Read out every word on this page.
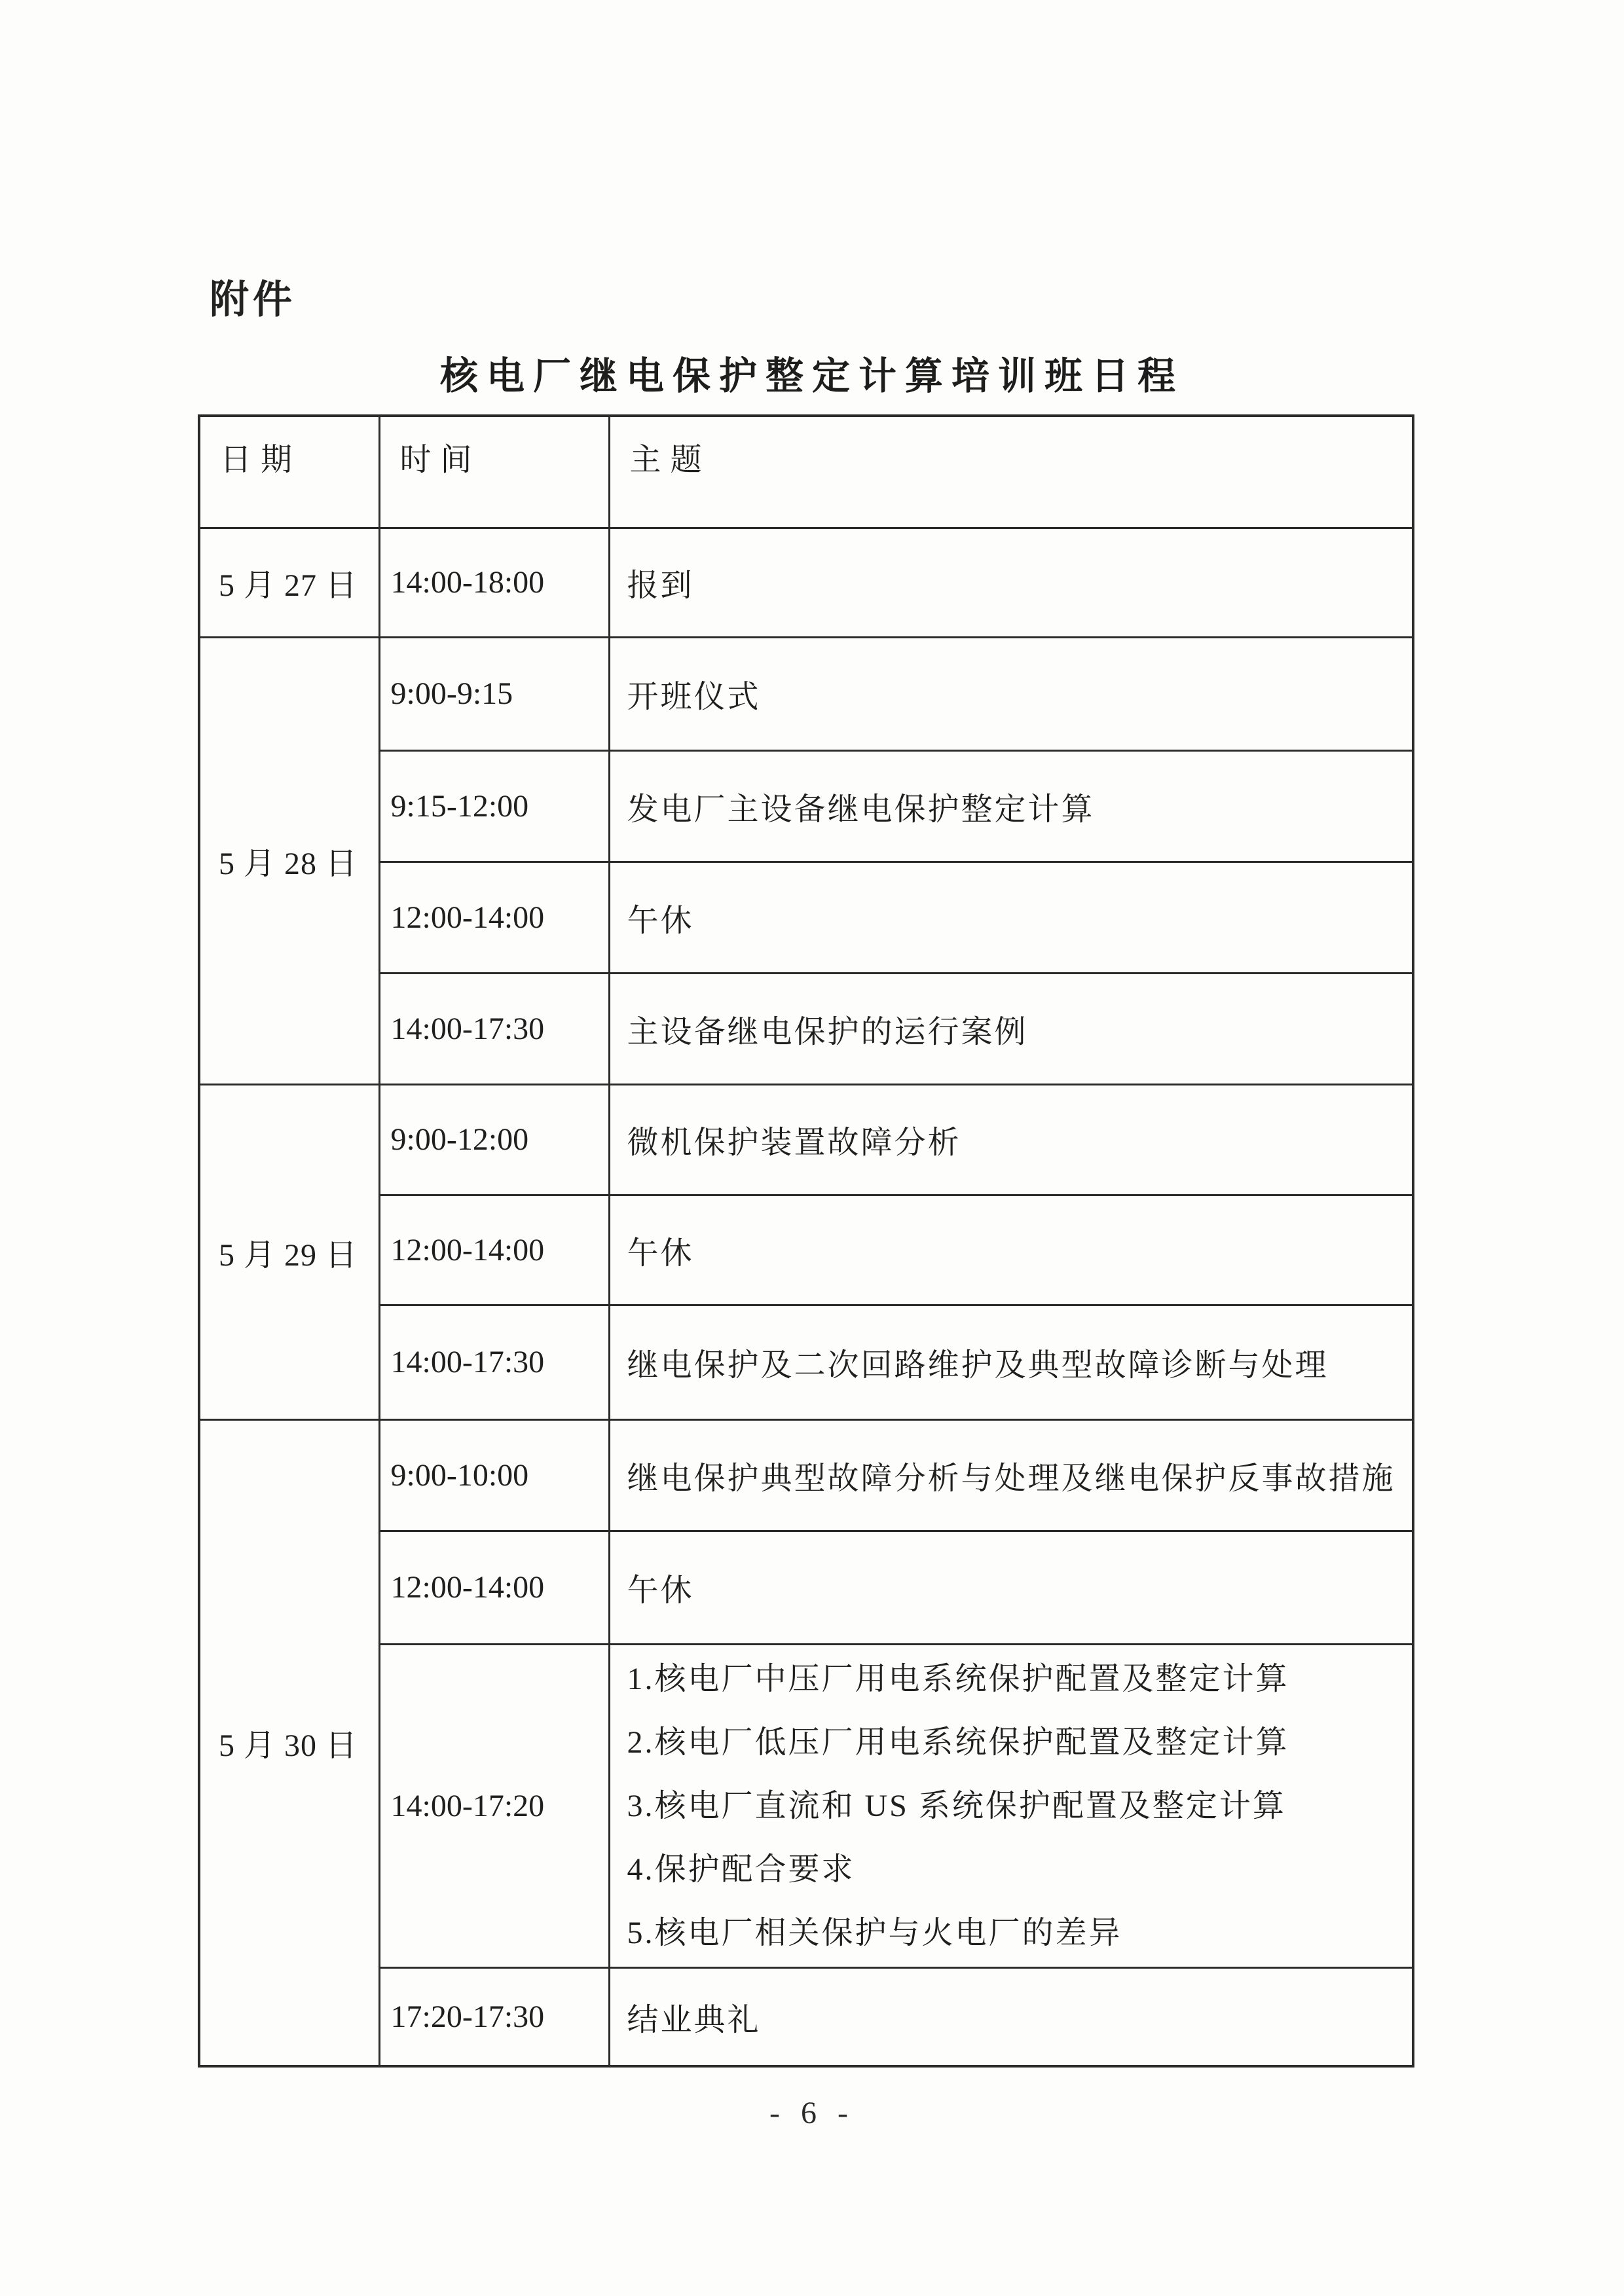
附件
核电厂继电保护整定计算培训班日程
日期	时间	主题
5 月 27 日	14:00-18:00	报到
5 月 28 日	9:00-9:15	开班仪式
	9:15-12:00	发电厂主设备继电保护整定计算
	12:00-14:00	午休
	14:00-17:30	主设备继电保护的运行案例
5 月 29 日	9:00-12:00	微机保护装置故障分析
	12:00-14:00	午休
	14:00-17:30	继电保护及二次回路维护及典型故障诊断与处理
5 月 30 日	9:00-10:00	继电保护典型故障分析与处理及继电保护反事故措施
	12:00-14:00	午休
	14:00-17:20	1.核电厂中压厂用电系统保护配置及整定计算
2.核电厂低压厂用电系统保护配置及整定计算
3.核电厂直流和 US 系统保护配置及整定计算
4.保护配合要求
5.核电厂相关保护与火电厂的差异

	17:20-17:30	结业典礼
- 6 -
